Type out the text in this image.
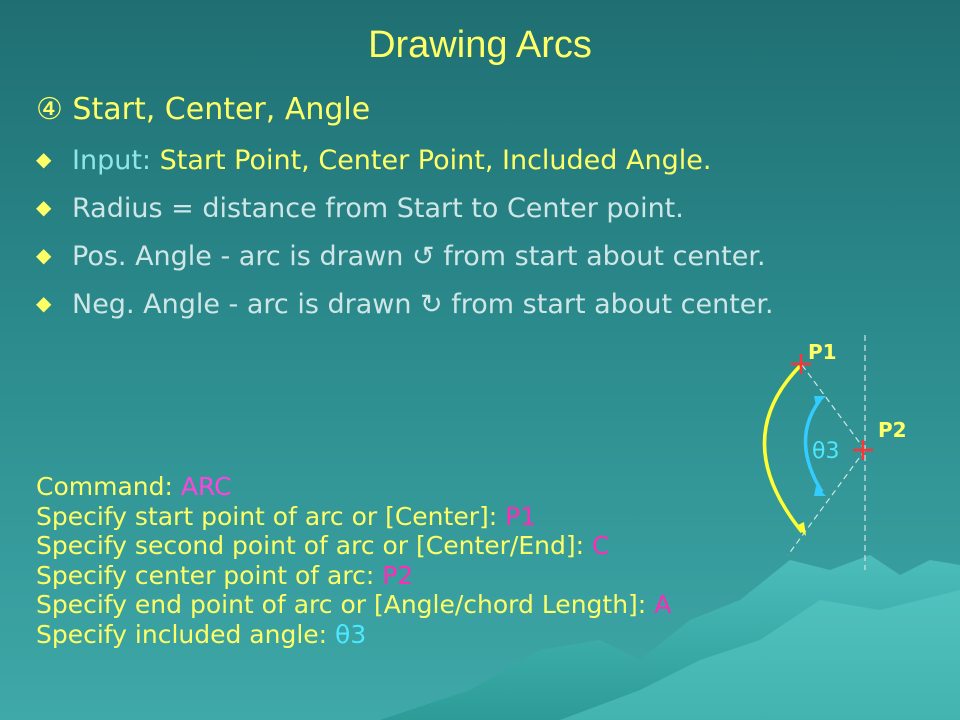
Drawing Arcs
④ Start, Center, Angle
◆ Input: Start Point, Center Point, Included Angle.
◆ Radius = distance from Start to Center point.
◆ Pos. Angle - arc is drawn ↺ from start about center.
◆ Neg. Angle - arc is drawn ↻ from start about center.
θ3
P1
P2
Command: ARC
Specify start point of arc or [Center]: P1
Specify second point of arc or [Center/End]: C
Specify center point of arc: P2
Specify end point of arc or [Angle/chord Length]: A
Specify included angle: θ3
